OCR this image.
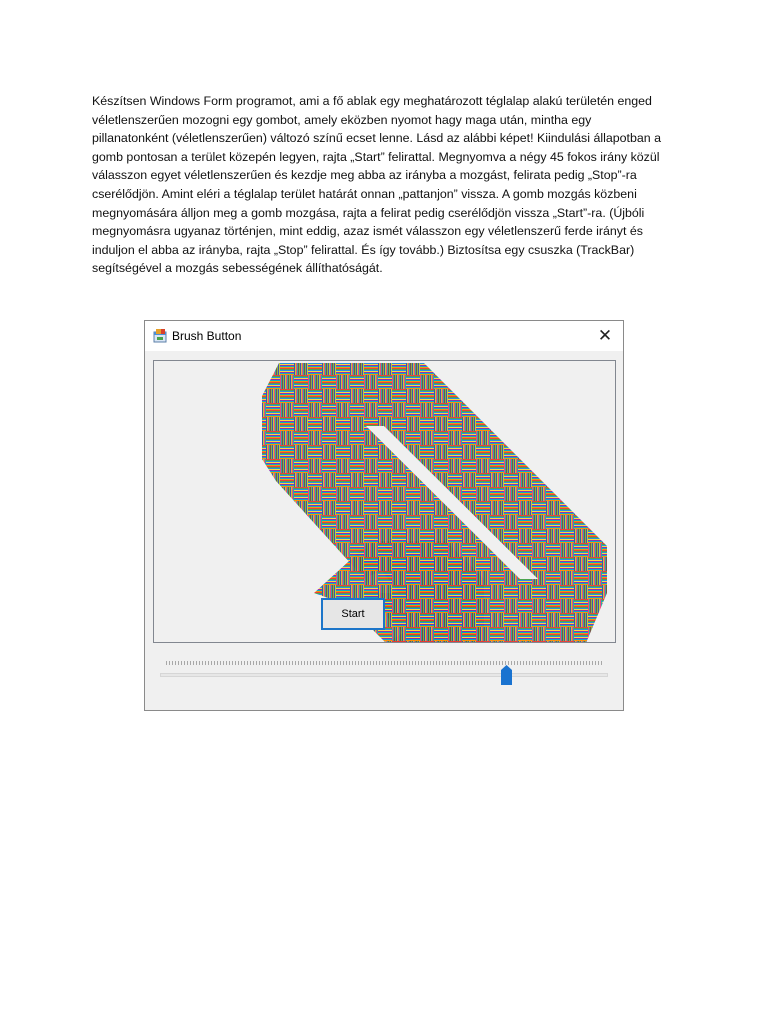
Készítsen Windows Form programot, ami a fő ablak egy meghatározott téglalap alakú területén enged
véletlenszerűen mozogni egy gombot, amely eközben nyomot hagy maga után, mintha egy
pillanatonként (véletlenszerűen) változó színű ecset lenne. Lásd az alábbi képet! Kiindulási állapotban a
gomb pontosan a terület közepén legyen, rajta „Start” felirattal. Megnyomva a négy 45 fokos irány közül
válasszon egyet véletlenszerűen és kezdje meg abba az irányba a mozgást, felirata pedig „Stop”-ra
cserélődjön. Amint eléri a téglalap terület határát onnan „pattanjon” vissza. A gomb mozgás közbeni
megnyomására álljon meg a gomb mozgása, rajta a felirat pedig cserélődjön vissza „Start”-ra. (Újbóli
megnyomásra ugyanaz történjen, mint eddig, azaz ismét válasszon egy véletlenszerű ferde irányt és
induljon el abba az irányba, rajta „Stop” felirattal. És így tovább.) Biztosítsa egy csuszka (TrackBar)
segítségével a mozgás sebességének állíthatóságát.
Brush Button	✕
Start
